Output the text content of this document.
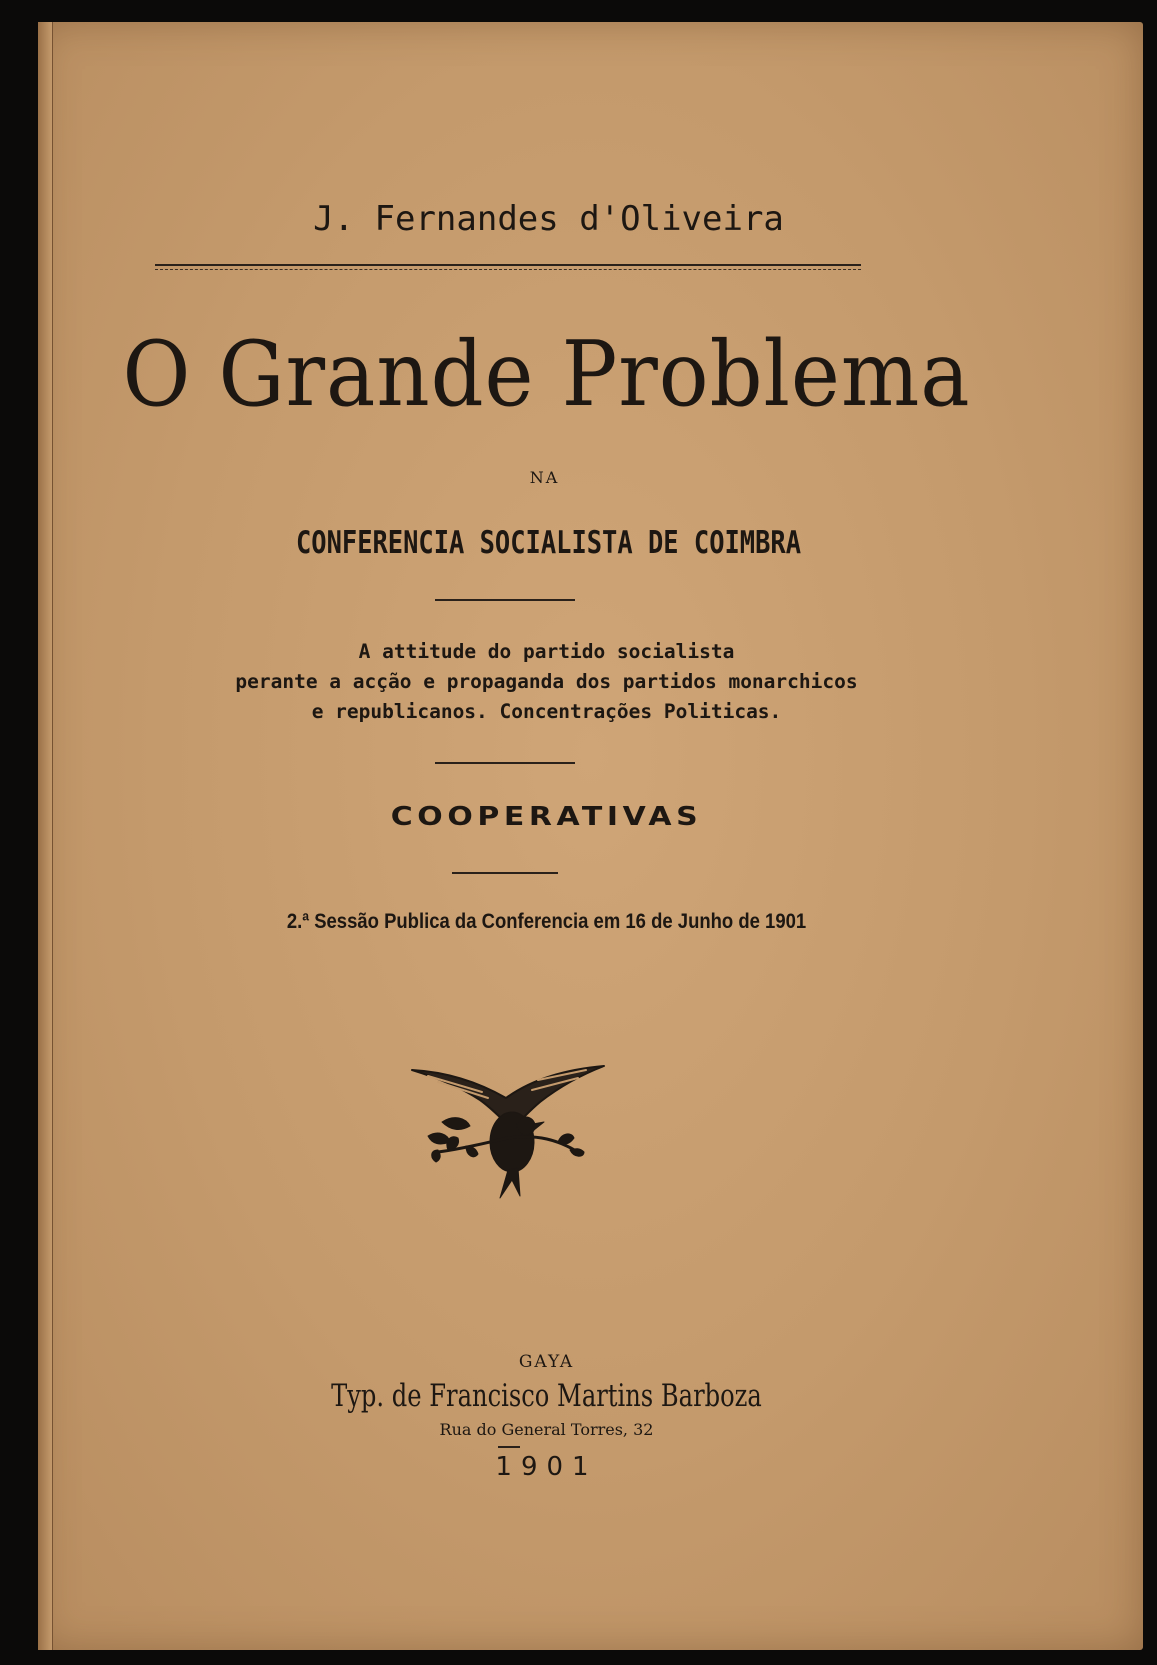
J. Fernandes d'Oliveira
O Grande Problema
NA
CONFERENCIA SOCIALISTA DE COIMBRA
A attitude do partido socialista
perante a acção e propaganda dos partidos monarchicos
e republicanos. Concentrações Politicas.
COOPERATIVAS
2.ª Sessão Publica da Conferencia em 16 de Junho de 1901
GAYA
Typ. de Francisco Martins Barboza
Rua do General Torres, 32
1901
